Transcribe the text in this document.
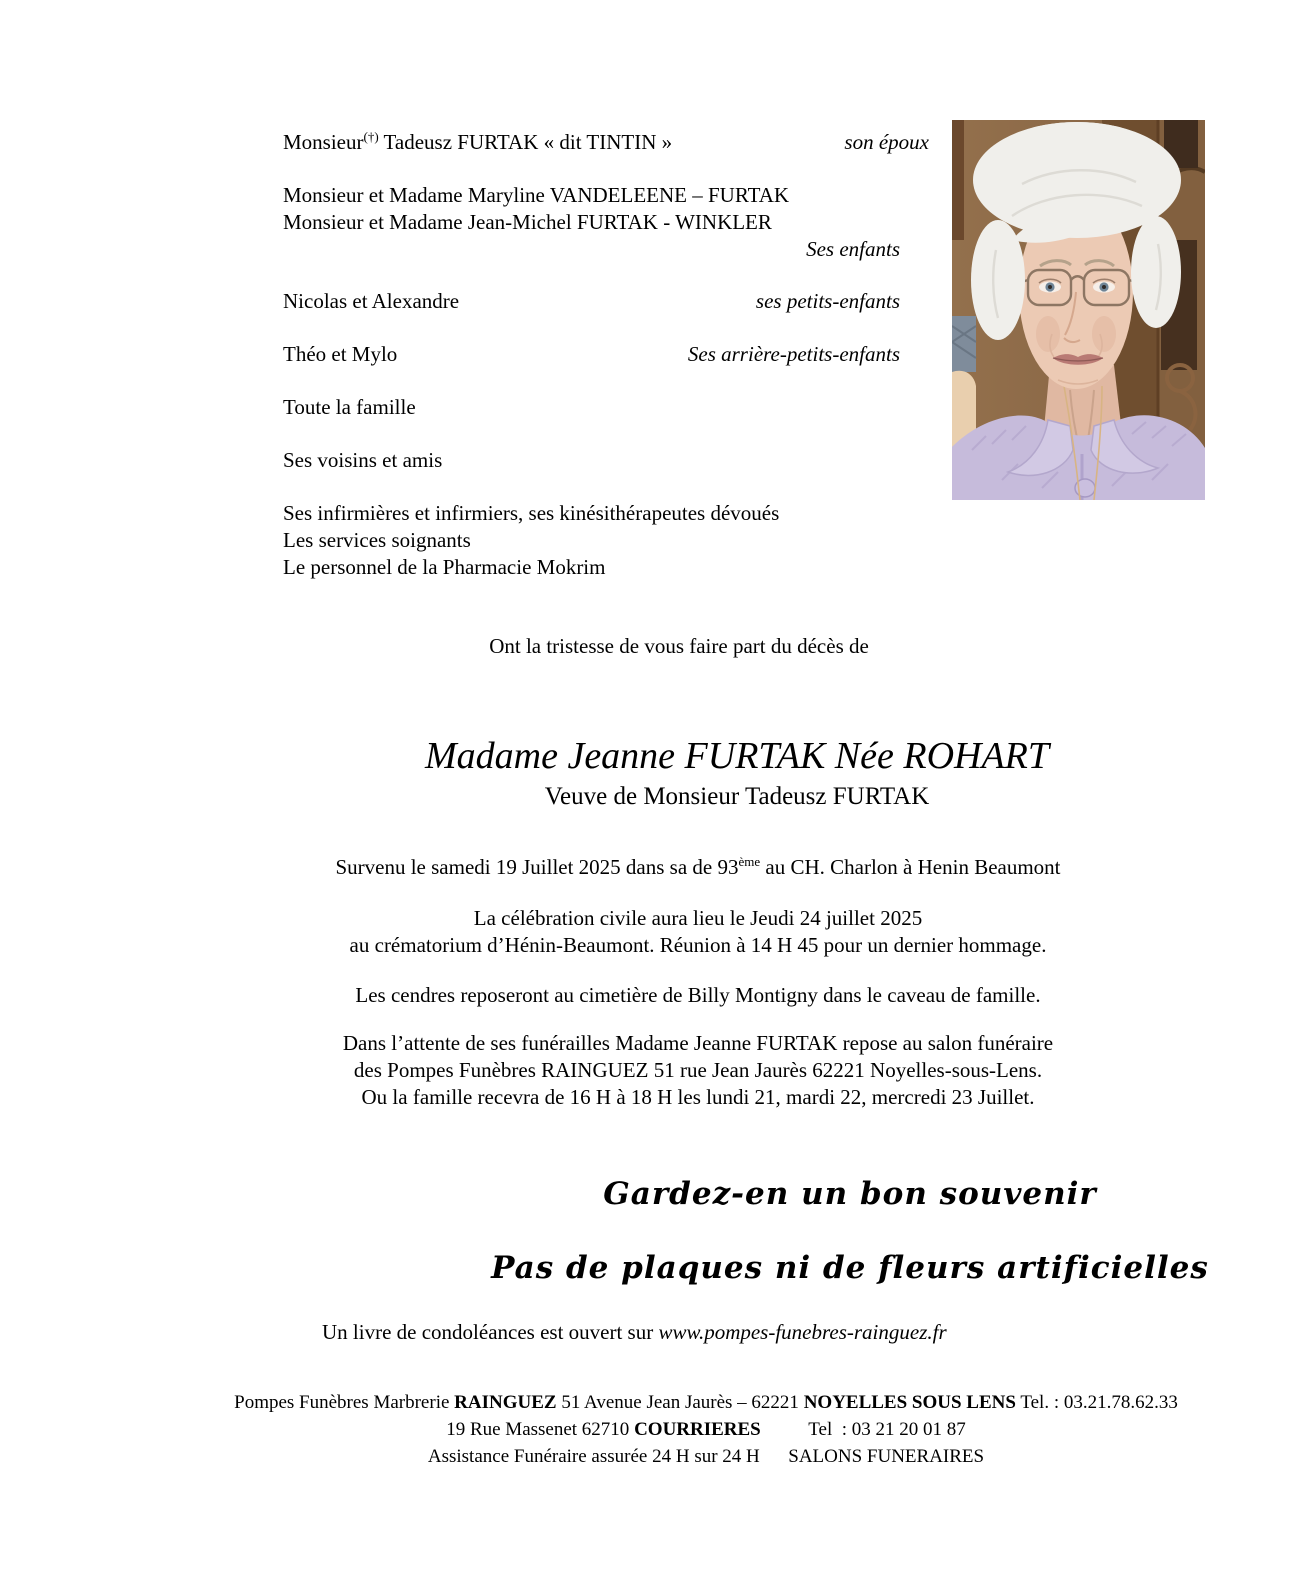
Monsieur(†) Tadeusz FURTAK « dit TINTIN »	son époux
Monsieur et Madame Maryline VANDELEENE – FURTAK
Monsieur et Madame Jean-Michel FURTAK - WINKLER
Ses enfants
Nicolas et Alexandre	ses petits-enfants
Théo et Mylo	Ses arrière-petits-enfants
Toute la famille
Ses voisins et amis
Ses infirmières et infirmiers, ses kinésithérapeutes dévoués
Les services soignants
Le personnel de la Pharmacie Mokrim
Ont la tristesse de vous faire part du décès de
Madame Jeanne FURTAK Née ROHART
Veuve de Monsieur Tadeusz FURTAK

Survenu le samedi 19 Juillet 2025 dans sa de 93ème au CH. Charlon à Henin Beaumont

La célébration civile aura lieu le Jeudi 24 juillet 2025
au crématorium d’Hénin-Beaumont. Réunion à 14 H 45 pour un dernier hommage.

Les cendres reposeront au cimetière de Billy Montigny dans le caveau de famille.

Dans l’attente de ses funérailles Madame Jeanne FURTAK repose au salon funéraire
des Pompes Funèbres RAINGUEZ 51 rue Jean Jaurès 62221 Noyelles-sous-Lens.
Ou la famille recevra de 16 H à 18 H les lundi 21, mardi 22, mercredi 23 Juillet.

Gardez-en un bon souvenir
Pas de plaques ni de fleurs artificielles
Un livre de condoléances est ouvert sur www.pompes-funebres-rainguez.fr
Pompes Funèbres Marbrerie RAINGUEZ 51 Avenue Jean Jaurès – 62221 NOYELLES SOUS LENS Tel. : 03.21.78.62.33
19 Rue Massenet 62710 COURRIERES	Tel  : 03 21 20 01 87
Assistance Funéraire assurée 24 H sur 24 H SALONS FUNERAIRES
